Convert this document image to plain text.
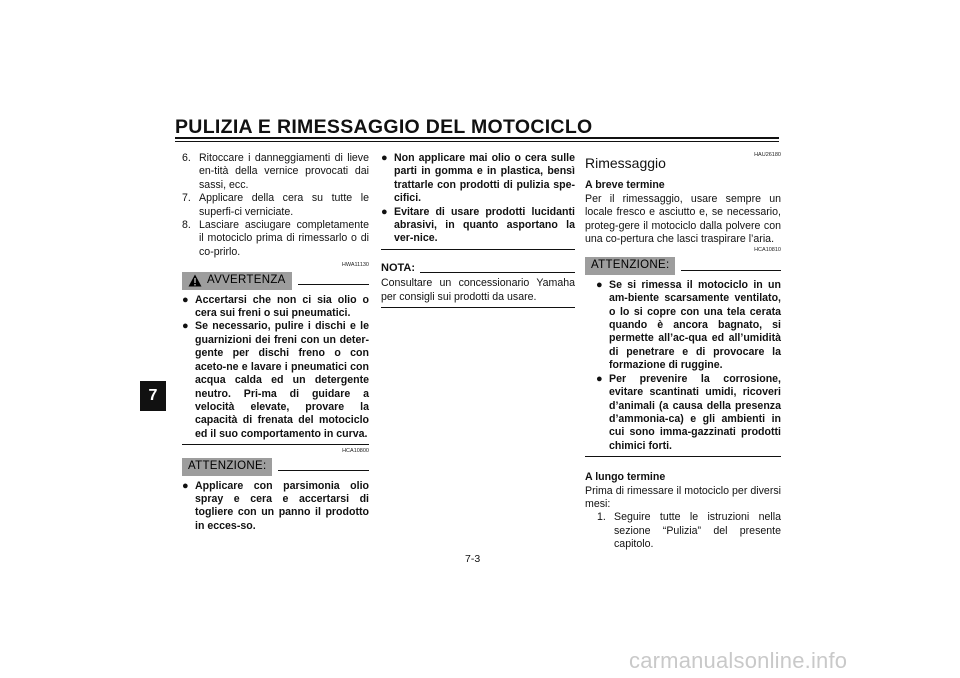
PULIZIA E RIMESSAGGIO DEL MOTOCICLO
7
6. Ritoccare i danneggiamenti di lieve en-tità della vernice provocati dai sassi, ecc.
7. Applicare della cera su tutte le superfi-ci verniciate.
8. Lasciare asciugare completamente il motociclo prima di rimessarlo o di co-prirlo.
HWA11130
AVVERTENZA
● Accertarsi che non ci sia olio o cera sui freni o sui pneumatici.
● Se necessario, pulire i dischi e le guarnizioni dei freni con un deter-gente per dischi freno o con aceto-ne e lavare i pneumatici con acqua calda ed un detergente neutro. Pri-ma di guidare a velocità elevate, provare la capacità di frenata del motociclo ed il suo comportamento in curva.
HCA10800
ATTENZIONE:
● Applicare con parsimonia olio spray e cera e accertarsi di togliere con un panno il prodotto in ecces-so.
● Non applicare mai olio o cera sulle parti in gomma e in plastica, bensì trattarle con prodotti di pulizia spe-cifici.
● Evitare di usare prodotti lucidanti abrasivi, in quanto asportano la ver-nice.
NOTA:
Consultare un concessionario Yamaha per consigli sui prodotti da usare.
HAU26180
Rimessaggio
A breve termine
Per il rimessaggio, usare sempre un locale fresco e asciutto e, se necessario, proteg-gere il motociclo dalla polvere con una co-pertura che lasci traspirare l’aria.
HCA10810
ATTENZIONE:
● Se si rimessa il motociclo in un am-biente scarsamente ventilato, o lo si copre con una tela cerata quando è ancora bagnato, si permette all’ac-qua ed all’umidità di penetrare e di provocare la formazione di ruggine.
● Per prevenire la corrosione, evitare scantinati umidi, ricoveri d’animali (a causa della presenza d’ammonia-ca) e gli ambienti in cui sono imma-gazzinati prodotti chimici forti.
A lungo termine
Prima di rimessare il motociclo per diversi mesi:
1. Seguire tutte le istruzioni nella sezione “Pulizia” del presente capitolo.
7-3
carmanualsonline.info
